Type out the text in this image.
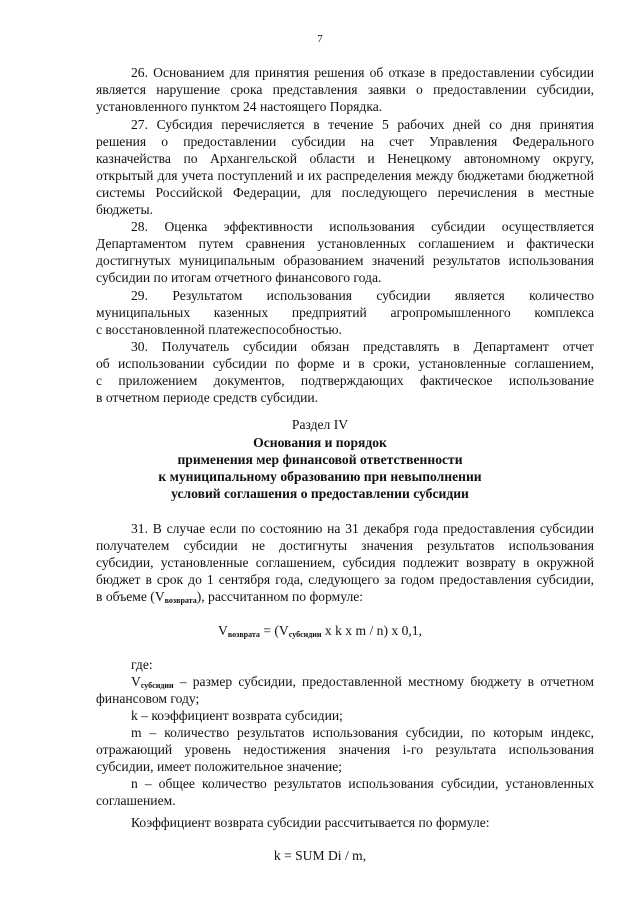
7
26. Основанием для принятия решения об отказе в предоставлении субсидии
является нарушение срока представления заявки о предоставлении субсидии,
установленного пунктом 24 настоящего Порядка.
27. Субсидия перечисляется в течение 5 рабочих дней со дня принятия
решения о предоставлении субсидии на счет Управления Федерального
казначейства по Архангельской области и Ненецкому автономному округу,
открытый для учета поступлений и их распределения между бюджетами бюджетной
системы Российской Федерации, для последующего перечисления в местные
бюджеты.
28. Оценка эффективности использования субсидии осуществляется
Департаментом путем сравнения установленных соглашением и фактически
достигнутых муниципальным образованием значений результатов использования
субсидии по итогам отчетного финансового года.
29. Результатом использования субсидии является количество
муниципальных казенных предприятий агропромышленного комплекса
с восстановленной платежеспособностью.
30. Получатель субсидии обязан представлять в Департамент отчет
об использовании субсидии по форме и в сроки, установленные соглашением,
с приложением документов, подтверждающих фактическое использование
в отчетном периоде средств субсидии.
Раздел IV
Основания и порядок
применения мер финансовой ответственности
к муниципальному образованию при невыполнении
условий соглашения о предоставлении субсидии
31. В случае если по состоянию на 31 декабря года предоставления субсидии
получателем субсидии не достигнуты значения результатов использования
субсидии, установленные соглашением, субсидия подлежит возврату в окружной
бюджет в срок до 1 сентября года, следующего за годом предоставления субсидии,
в объеме (Vвозврата), рассчитанном по формуле:
Vвозврата = (Vсубсидии x k x m / n) x 0,1,
где:
Vсубсидии – размер субсидии, предоставленной местному бюджету в отчетном
финансовом году;
k – коэффициент возврата субсидии;
m – количество результатов использования субсидии, по которым индекс,
отражающий уровень недостижения значения i-го результата использования
субсидии, имеет положительное значение;
n – общее количество результатов использования субсидии, установленных
соглашением.
Коэффициент возврата субсидии рассчитывается по формуле:
k = SUM Di / m,
